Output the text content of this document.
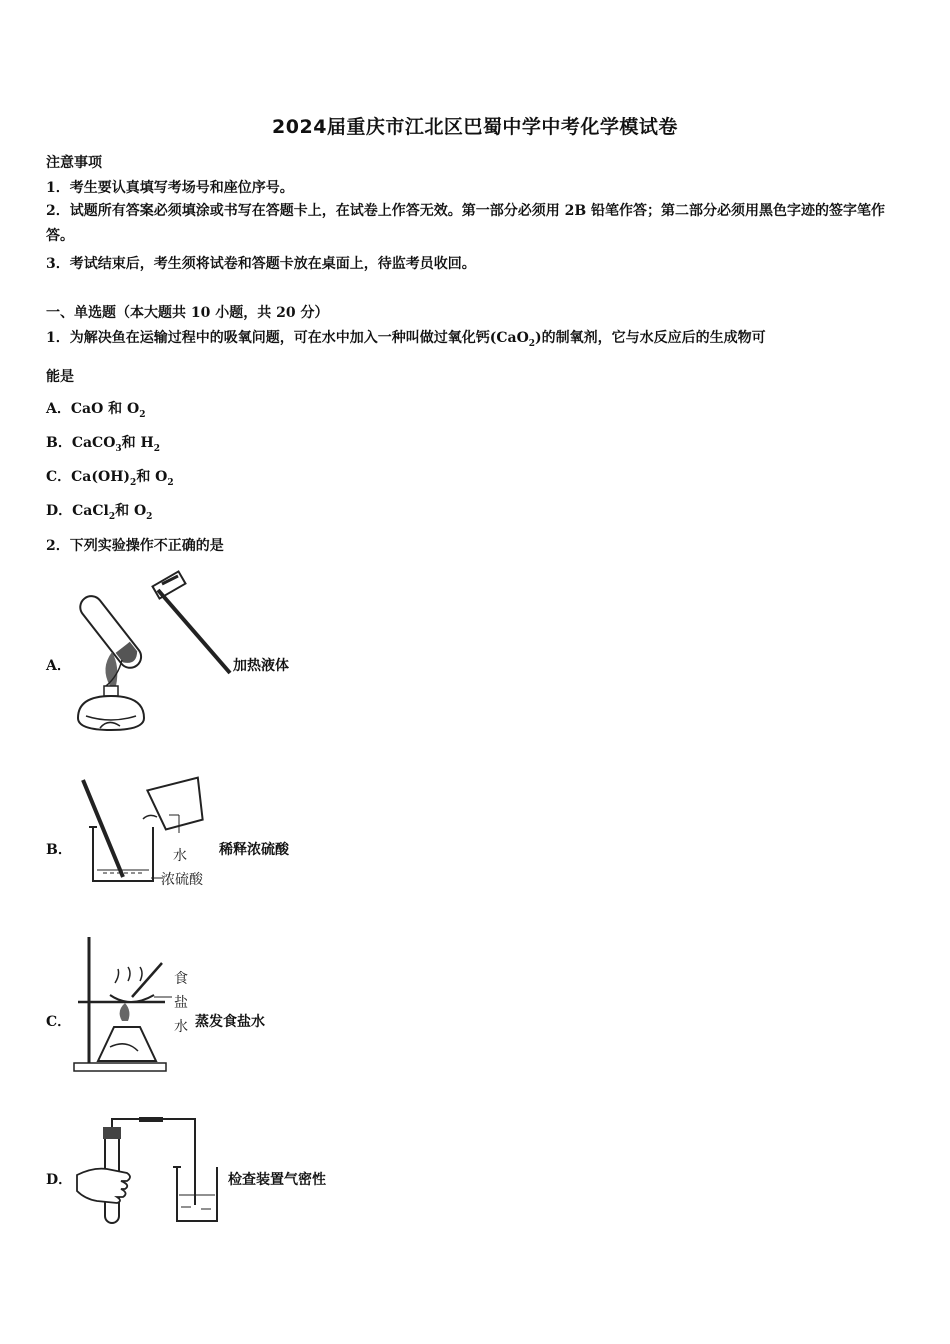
2024届重庆市江北区巴蜀中学中考化学模试卷
注意事项
1．考生要认真填写考场号和座位序号。
2．试题所有答案必须填涂或书写在答题卡上，在试卷上作答无效。第一部分必须用 2B 铅笔作答；第二部分必须用黑色字迹的签字笔作答。
3．考试结束后，考生须将试卷和答题卡放在桌面上，待监考员收回。
一、单选题（本大题共 10 小题，共 20 分）
1．为解决鱼在运输过程中的吸氧问题，可在水中加入一种叫做过氧化钙(CaO$_2$)的制氧剂，它与水反应后的生成物可
能是
A．CaO 和 $O_2$
B．CaCO$_3$和 $H_2$
C．$Ca(OH)_2$和 $O_2$
D．CaCl$_2$和 $O_2$
2．下列实验操作不正确的是
A．	加热液体
B．	水
浓硫酸
稀释浓硫酸
C．
食
盐
水 蒸发食盐水
D．	检查装置气密性
